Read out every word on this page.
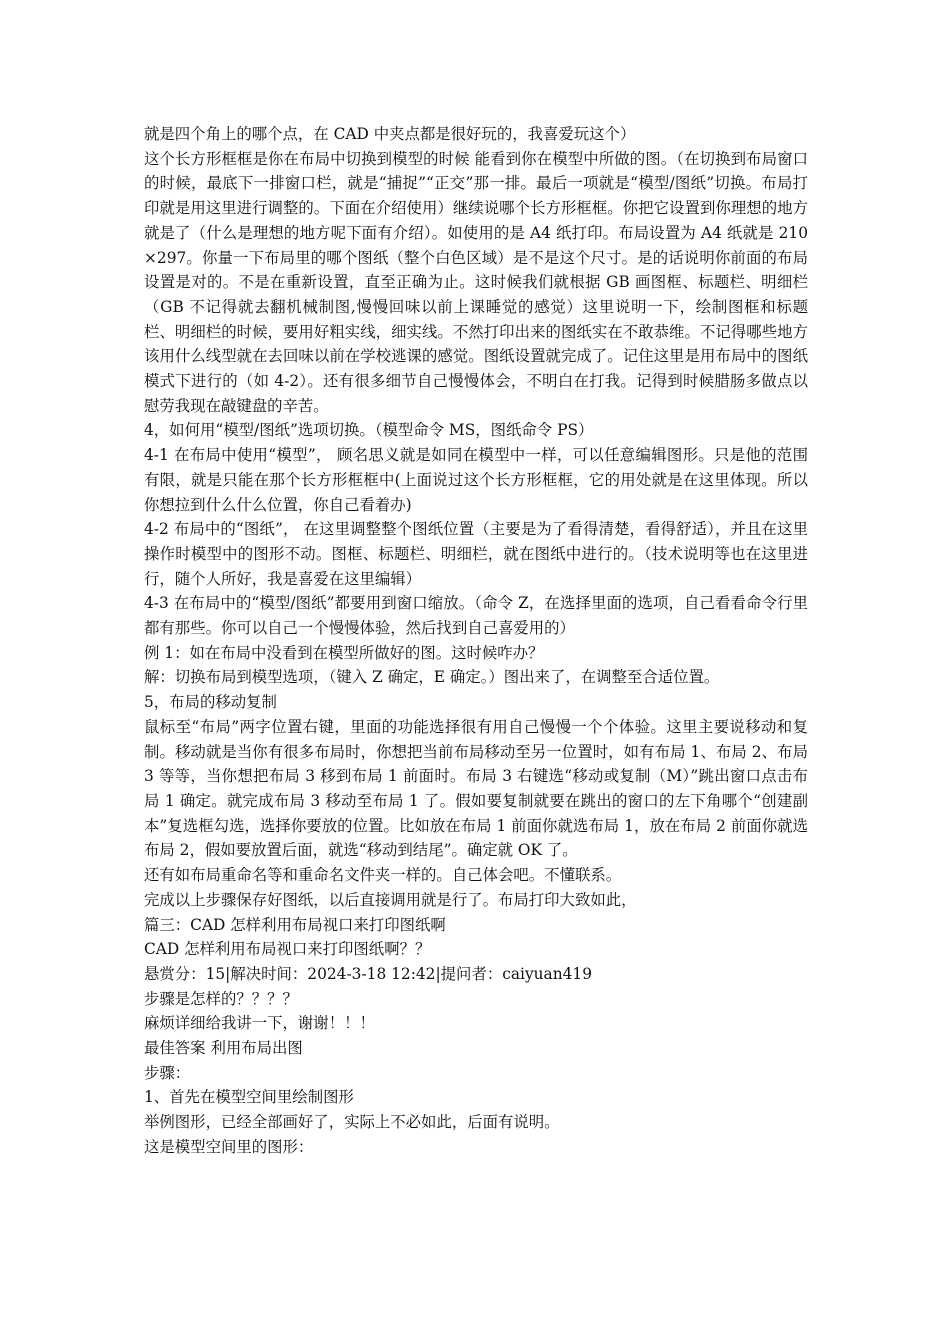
就是四个角上的哪个点，在 CAD 中夹点都是很好玩的，我喜爱玩这个）

这个长方形框框是你在布局中切换到模型的时候 能看到你在模型中所做的图。（在切换到布局窗口的时候，最底下一排窗口栏，就是“捕捉”“正交”那一排。最后一项就是“模型/图纸”切换。布局打印就是用这里进行调整的。下面在介绍使用）继续说哪个长方形框框。你把它设置到你理想的地方就是了（什么是理想的地方呢下面有介绍）。如使用的是 A4 纸打印。布局设置为 A4 纸就是 210×297。你量一下布局里的哪个图纸（整个白色区域）是不是这个尺寸。是的话说明你前面的布局设置是对的。不是在重新设置，直至正确为止。这时候我们就根据 GB 画图框、标题栏、明细栏（GB 不记得就去翻机械制图,慢慢回味以前上课睡觉的感觉）这里说明一下，绘制图框和标题栏、明细栏的时候，要用好粗实线，细实线。不然打印出来的图纸实在不敢恭维。不记得哪些地方该用什么线型就在去回味以前在学校逃课的感觉。图纸设置就完成了。记住这里是用布局中的图纸模式下进行的（如 4-2）。还有很多细节自己慢慢体会，不明白在打我。记得到时候腊肠多做点以慰劳我现在敲键盘的辛苦。

4，如何用“模型/图纸”选项切换。（模型命令 MS，图纸命令 PS）

4-1 在布局中使用“模型”， 顾名思义就是如同在模型中一样，可以任意编辑图形。只是他的范围有限，就是只能在那个长方形框框中(上面说过这个长方形框框，它的用处就是在这里体现。所以你想拉到什么什么位置，你自己看着办)

4-2 布局中的“图纸”， 在这里调整整个图纸位置（主要是为了看得清楚，看得舒适），并且在这里操作时模型中的图形不动。图框、标题栏、明细栏，就在图纸中进行的。（技术说明等也在这里进行，随个人所好，我是喜爱在这里编辑）

4-3 在布局中的“模型/图纸”都要用到窗口缩放。（命令 Z，在选择里面的选项，自己看看命令行里都有那些。你可以自己一个慢慢体验，然后找到自己喜爱用的）

例 1：如在布局中没看到在模型所做好的图。这时候咋办？

解：切换布局到模型选项，（键入 Z 确定，E 确定。）图出来了，在调整至合适位置。

5，布局的移动复制

鼠标至“布局”两字位置右键，里面的功能选择很有用自己慢慢一个个体验。这里主要说移动和复制。移动就是当你有很多布局时，你想把当前布局移动至另一位置时，如有布局 1、布局 2、布局 3 等等，当你想把布局 3 移到布局 1 前面时。布局 3 右键选“移动或复制（M）”跳出窗口点击布局 1 确定。就完成布局 3 移动至布局 1 了。假如要复制就要在跳出的窗口的左下角哪个“创建副本”复选框勾选，选择你要放的位置。比如放在布局 1 前面你就选布局 1，放在布局 2 前面你就选布局 2，假如要放置后面，就选“移动到结尾”。确定就 OK 了。

还有如布局重命名等和重命名文件夹一样的。自己体会吧。不懂联系。

完成以上步骤保存好图纸，以后直接调用就是行了。布局打印大致如此，

篇三：CAD 怎样利用布局视口来打印图纸啊

CAD 怎样利用布局视口来打印图纸啊？？

悬赏分：15|解决时间：2024-3-18 12:42|提问者：caiyuan419

步骤是怎样的？？？？

麻烦详细给我讲一下，谢谢！！！

最佳答案 利用布局出图

步骤：

1、首先在模型空间里绘制图形

举例图形，已经全部画好了，实际上不必如此，后面有说明。

这是模型空间里的图形：
